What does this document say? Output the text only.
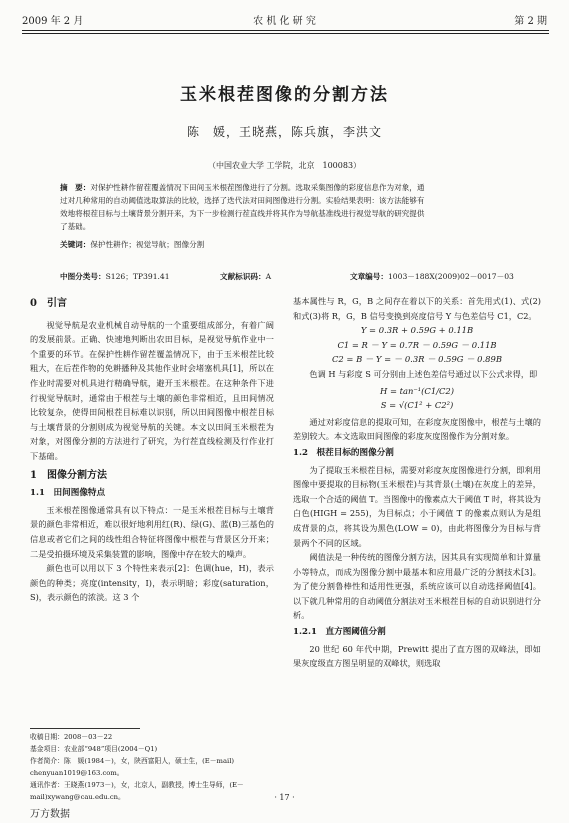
2009 年 2 月	农 机 化 研 究	第 2 期
玉米根茬图像的分割方法
陈　媛，王晓燕，陈兵旗，李洪文
（中国农业大学 工学院，北京　100083）
摘　要：对保护性耕作留茬覆盖情况下田间玉米根茬图像进行了分割。选取采集图像的彩度信息作为对象，通
过对几种常用的自动阈值选取算法的比较，选择了迭代法对田间图像进行分割。实验结果表明：该方法能够有
效地将根茬目标与土壤背景分割开来，为下一步检测行茬直线并将其作为导航基准线进行视觉导航的研究提供
了基础。
关键词：保护性耕作；视觉导航；图像分割
中图分类号：S126；TP391.41	文献标识码：A	文章编号：1003－188X(2009)02－0017－03
0　引言

视觉导航是农业机械自动导航的一个重要组成部分，有着广阔的发展前景。正确、快速地判断出农田目标，是视觉导航作业中一个重要的环节。在保护性耕作留茬覆盖情况下，由于玉米根茬比较粗大，在后茬作物的免耕播种及其他作业时会堵塞机具[1]，所以在作业时需要对机具进行精确导航，避开玉米根茬。在这种条件下进行视觉导航时，通常由于根茬与土壤的颜色非常相近，且田间情况比较复杂，使得田间根茬目标难以识别，所以田间图像中根茬目标与土壤背景的分割则成为视觉导航的关键。本文以田间玉米根茬为对象，对图像分割的方法进行了研究，为行茬直线检测及行作业打下基础。

1　图像分割方法
1.1　田间图像特点

玉米根茬图像通常具有以下特点：一是玉米根茬目标与土壤背景的颜色非常相近，难以很好地利用红(R)、绿(G)、蓝(B)三基色的信息或者它们之间的线性组合特征将图像中根茬与背景区分开来；二是受拍摄环境及采集装置的影响，图像中存在较大的噪声。

颜色也可以用以下 3 个特性来表示[2]：色调(hue，H)，表示颜色的种类；亮度(intensity，I)，表示明暗；彩度(saturation，S)，表示颜色的浓淡。这 3 个

收稿日期：2008－03－22
基金项目：农业部“948”项目(2004－Q1)
作者简介：陈　媛(1984－)，女，陕西富阳人，硕士生，(E－mail) chenyuan1019@163.com。
通讯作者：王晓燕(1973－)，女，北京人，副教授，博士生导师，(E－mail)xywang@cau.edu.cn。

基本属性与 R，G，B 之间存在着以下的关系：首先用式(1)、式(2)和式(3)将 R，G，B 信号变换到亮度信号 Y 与色差信号 C1，C2。

Y = 0.3R + 0.59G + 0.11B
C1 = R － Y = 0.7R － 0.59G － 0.11B
C2 = B － Y = － 0.3R － 0.59G － 0.89B

色调 H 与彩度 S 可分别由上述色差信号通过以下公式求得，即

H = tan⁻¹(C1/C2)
S = √(C1² + C2²)

通过对彩度信息的提取可知，在彩度灰度图像中，根茬与土壤的差别较大。本文选取田间图像的彩度灰度图像作为分割对象。

1.2　根茬目标的图像分割

为了提取玉米根茬目标，需要对彩度灰度图像进行分割，即利用图像中要提取的目标物(玉米根茬)与其背景(土壤)在灰度上的差异，选取一个合适的阈值 T。当图像中的像素点大于阈值 T 时，将其设为白色(HIGH = 255)，为目标点；小于阈值 T 的像素点则认为是组成背景的点，将其设为黑色(LOW = 0)，由此将图像分为目标与背景两个不同的区域。

阈值法是一种传统的图像分割方法，因其具有实现简单和计算量小等特点，而成为图像分割中最基本和应用最广泛的分割技术[3]。为了使分割鲁棒性和适用性更强，系统应该可以自动选择阈值[4]。以下就几种常用的自动阈值分割法对玉米根茬目标的自动识别进行分析。

1.2.1　直方图阈值分割

20 世纪 60 年代中期，Prewitt 提出了直方图的双峰法，即如果灰度级直方图呈明显的双峰状，则选取

· 17 ·
万方数据
